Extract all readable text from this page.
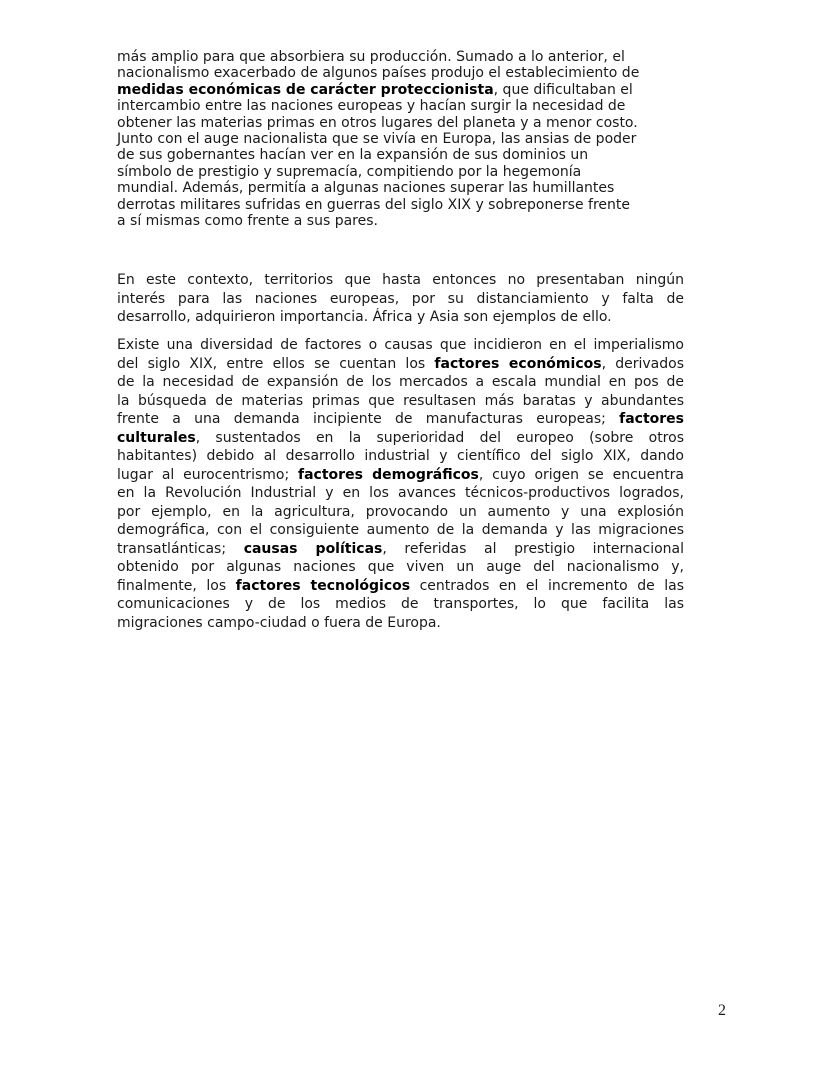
más amplio para que absorbiera su producción. Sumado a lo anterior, el
nacionalismo exacerbado de algunos países produjo el establecimiento de
medidas económicas de carácter proteccionista, que dificultaban el
intercambio entre las naciones europeas y hacían surgir la necesidad de
obtener las materias primas en otros lugares del planeta y a menor costo.
Junto con el auge nacionalista que se vivía en Europa, las ansias de poder
de sus gobernantes hacían ver en la expansión de sus dominios un
símbolo de prestigio y supremacía, compitiendo por la hegemonía
mundial. Además, permitía a algunas naciones superar las humillantes
derrotas militares sufridas en guerras del siglo XIX y sobreponerse frente
a sí mismas como frente a sus pares.
En este contexto, territorios que hasta entonces no presentaban ningún
interés para las naciones europeas, por su distanciamiento y falta de
desarrollo, adquirieron importancia. África y Asia son ejemplos de ello.
Existe una diversidad de factores o causas que incidieron en el imperialismo
del siglo XIX, entre ellos se cuentan los factores económicos, derivados
de la necesidad de expansión de los mercados a escala mundial en pos de
la búsqueda de materias primas que resultasen más baratas y abundantes
frente a una demanda incipiente de manufacturas europeas; factores
culturales, sustentados en la superioridad del europeo (sobre otros
habitantes) debido al desarrollo industrial y científico del siglo XIX, dando
lugar al eurocentrismo; factores demográficos, cuyo origen se encuentra
en la Revolución Industrial y en los avances técnicos-productivos logrados,
por ejemplo, en la agricultura, provocando un aumento y una explosión
demográfica, con el consiguiente aumento de la demanda y las migraciones
transatlánticas; causas políticas, referidas al prestigio internacional
obtenido por algunas naciones que viven un auge del nacionalismo y,
finalmente, los factores tecnológicos centrados en el incremento de las
comunicaciones y de los medios de transportes, lo que facilita las
migraciones campo-ciudad o fuera de Europa.
2
